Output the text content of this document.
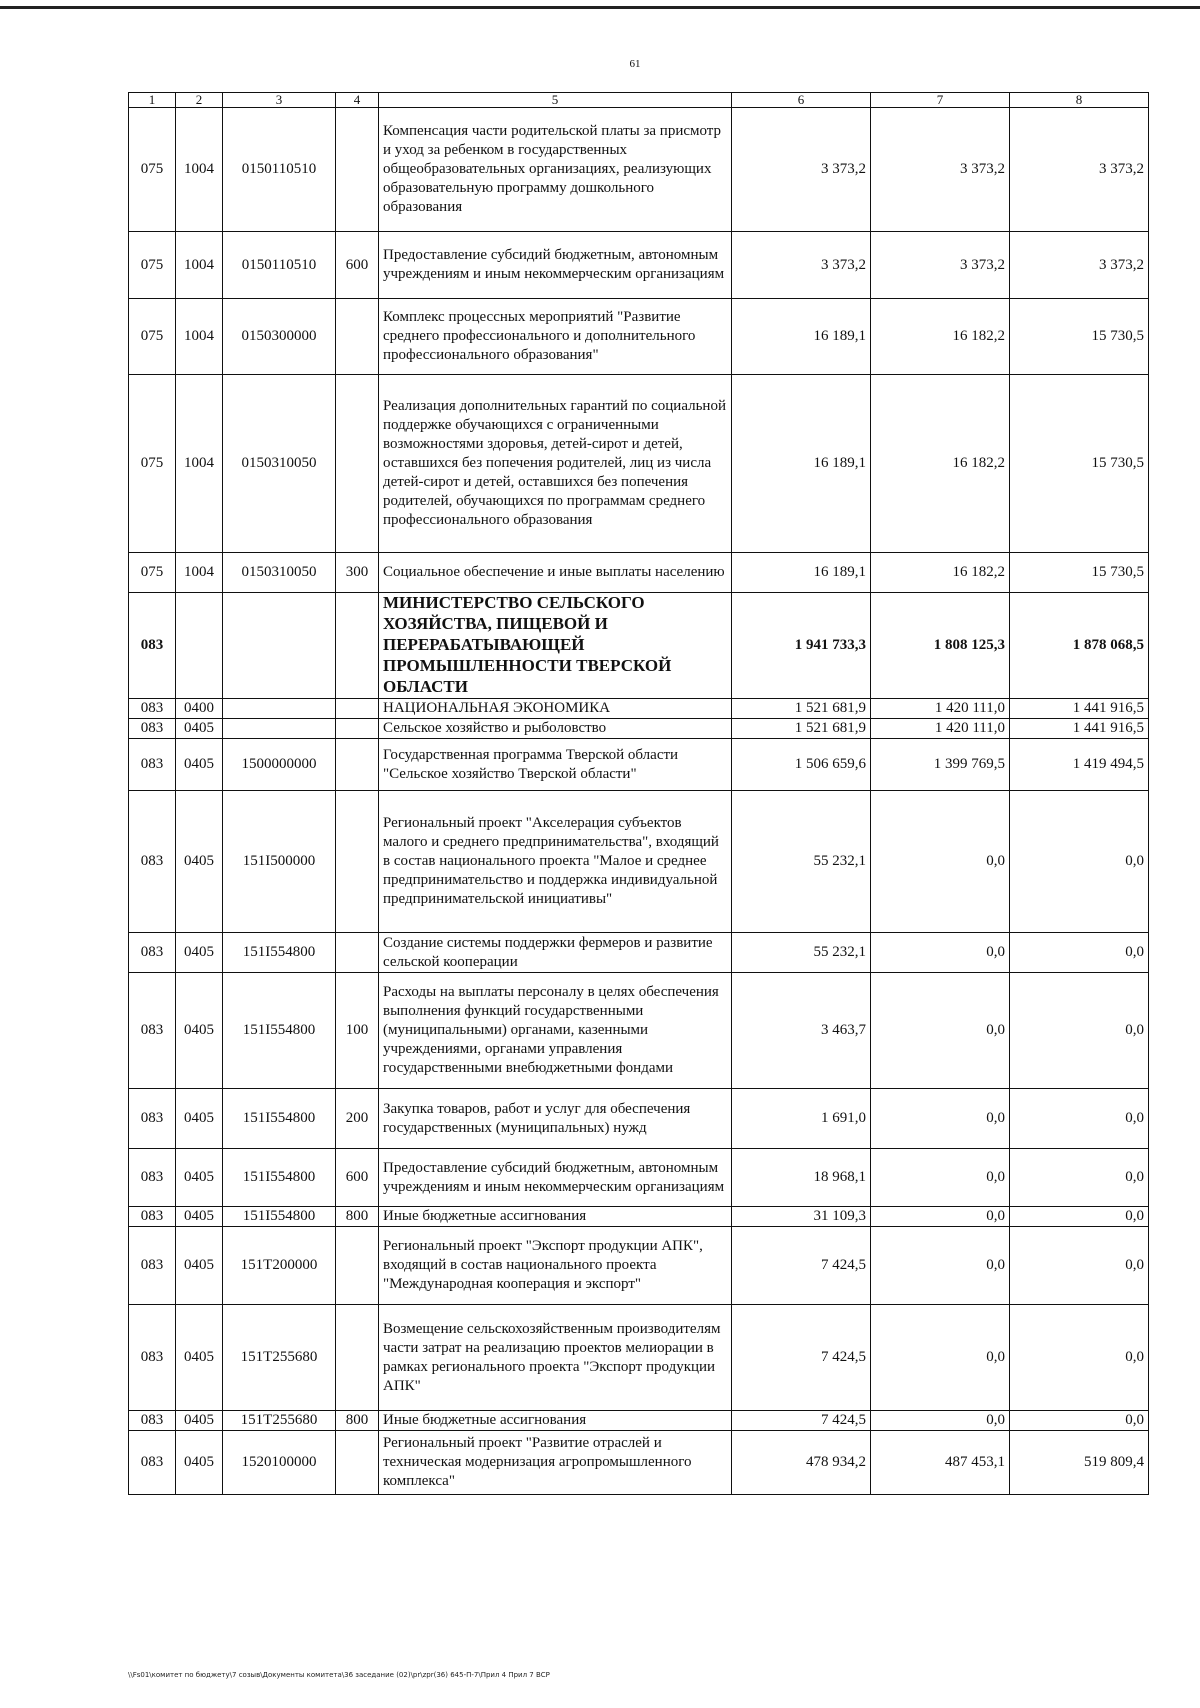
61
1	2	3	4	5	6	7	8
075	1004	0150110510		Компенсация части родительской платы за присмотр и уход за ребенком в государственных общеобразовательных организациях, реализующих образовательную программу дошкольного образования	3 373,2	3 373,2	3 373,2
075	1004	0150110510	600	Предоставление субсидий бюджетным, автономным учреждениям и иным некоммерческим организациям	3 373,2	3 373,2	3 373,2
075	1004	0150300000		Комплекс процессных мероприятий "Развитие среднего профессионального и дополнительного профессионального образования"	16 189,1	16 182,2	15 730,5
075	1004	0150310050		Реализация дополнительных гарантий по социальной поддержке обучающихся с ограниченными возможностями здоровья, детей-сирот и детей, оставшихся без попечения родителей, лиц из числа детей-сирот и детей, оставшихся без попечения родителей, обучающихся по программам среднего профессионального образования	16 189,1	16 182,2	15 730,5
075	1004	0150310050	300	Социальное обеспечение и иные выплаты населению	16 189,1	16 182,2	15 730,5
083				МИНИСТЕРСТВО СЕЛЬСКОГО ХОЗЯЙСТВА, ПИЩЕВОЙ И ПЕРЕРАБАТЫВАЮЩЕЙ ПРОМЫШЛЕННОСТИ ТВЕРСКОЙ ОБЛАСТИ	1 941 733,3	1 808 125,3	1 878 068,5
083	0400			НАЦИОНАЛЬНАЯ ЭКОНОМИКА	1 521 681,9	1 420 111,0	1 441 916,5
083	0405			Сельское хозяйство и рыболовство	1 521 681,9	1 420 111,0	1 441 916,5
083	0405	1500000000		Государственная программа Тверской области "Сельское хозяйство Тверской области"	1 506 659,6	1 399 769,5	1 419 494,5
083	0405	151I500000		Региональный проект "Акселерация субъектов малого и среднего предпринимательства", входящий в состав национального проекта "Малое и среднее предпринимательство и поддержка индивидуальной предпринимательской инициативы"	55 232,1	0,0	0,0
083	0405	151I554800		Создание системы поддержки фермеров и развитие сельской кооперации	55 232,1	0,0	0,0
083	0405	151I554800	100	Расходы на выплаты персоналу в целях обеспечения выполнения функций государственными (муниципальными) органами, казенными учреждениями, органами управления государственными внебюджетными фондами	3 463,7	0,0	0,0
083	0405	151I554800	200	Закупка товаров, работ и услуг для обеспечения государственных (муниципальных) нужд	1 691,0	0,0	0,0
083	0405	151I554800	600	Предоставление субсидий бюджетным, автономным учреждениям и иным некоммерческим организациям	18 968,1	0,0	0,0
083	0405	151I554800	800	Иные бюджетные ассигнования	31 109,3	0,0	0,0
083	0405	151T200000		Региональный проект "Экспорт продукции АПК", входящий в состав национального проекта "Международная кооперация и экспорт"	7 424,5	0,0	0,0
083	0405	151T255680		Возмещение сельскохозяйственным производителям части затрат на реализацию проектов мелиорации в рамках регионального проекта "Экспорт продукции АПК"	7 424,5	0,0	0,0
083	0405	151T255680	800	Иные бюджетные ассигнования	7 424,5	0,0	0,0
083	0405	1520100000		Региональный проект "Развитие отраслей и техническая модернизация агропромышленного комплекса"	478 934,2	487 453,1	519 809,4
\\Fs01\комитет по бюджету\7 созыв\Документы комитета\36 заседание (02)\pr\zpr(36) 645-П-7\Прил 4 Прил 7 ВСР
